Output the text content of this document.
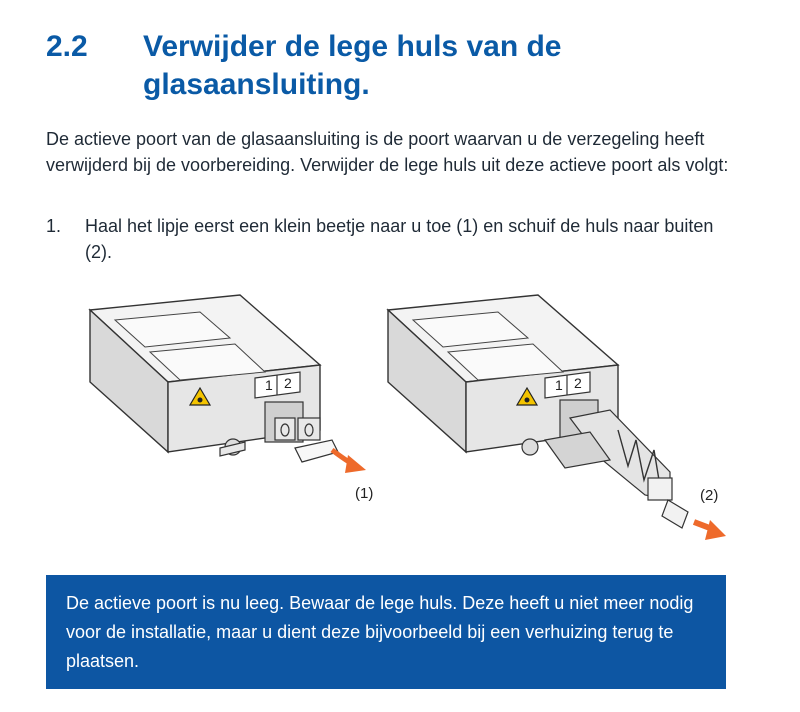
2.2 Verwijder de lege huls van de glasaansluiting.
De actieve poort van de glasaansluiting is de poort waarvan u de verzegeling heeft verwijderd bij de voorbereiding. Verwijder de lege huls uit deze actieve poort als volgt:
1. Haal het lipje eerst een klein beetje naar u toe (1) en schuif de huls naar buiten (2).
1 2	1 2
(1)	(2)
De actieve poort is nu leeg. Bewaar de lege huls. Deze heeft u niet meer nodig voor de installatie, maar u dient deze bijvoorbeeld bij een verhuizing terug te plaatsen.
